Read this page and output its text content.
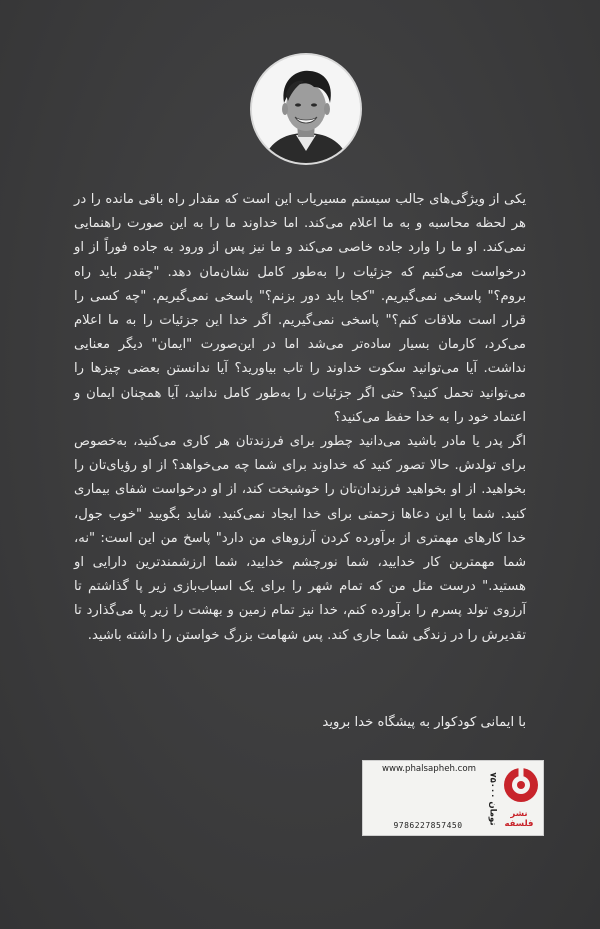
یکی از ویژگی‌های جالب سیستم مسیریاب این است که مقدار راه باقی مانده را در هر لحظه محاسبه و به ما اعلام می‌کند. اما خداوند ما را به این صورت راهنمایی نمی‌کند. او ما را وارد جاده خاصی می‌کند و ما نیز پس از ورود به جاده فوراً از او درخواست می‌کنیم که جزئیات را به‌طور کامل نشان‌مان دهد. "چقدر باید راه بروم؟" پاسخی نمی‌گیریم. "کجا باید دور بزنم؟" پاسخی نمی‌گیریم. "چه کسی را قرار است ملاقات کنم؟" پاسخی نمی‌گیریم. اگر خدا این جزئیات را به ما اعلام می‌کرد، کارمان بسیار ساده‌تر می‌شد اما در این‌صورت "ایمان" دیگر معنایی نداشت. آیا می‌توانید سکوت خداوند را تاب بیاورید؟ آیا ندانستن بعضی چیزها را می‌توانید تحمل کنید؟ حتی اگر جزئیات را به‌طور کامل ندانید، آیا همچنان ایمان و اعتماد خود را به خدا حفظ می‌کنید؟

اگر پدر یا مادر باشید می‌دانید چطور برای فرزندتان هر کاری می‌کنید، به‌خصوص برای تولدش. حالا تصور کنید که خداوند برای شما چه می‌خواهد؟ از او رؤیای‌تان را بخواهید. از او بخواهید فرزندان‌تان را خوشبخت کند، از او درخواست شفای بیماری کنید. شما با این دعاها زحمتی برای خدا ایجاد نمی‌کنید. شاید بگویید "خوب جول، خدا کارهای مهمتری از برآورده کردن آرزوهای من دارد" پاسخ من این است: "نه، شما مهمترین کار خدایید، شما نورچشم خدایید، شما ارزشمندترین دارایی او هستید." درست مثل من که تمام شهر را برای یک اسباب‌بازی زیر پا گذاشتم تا آرزوی تولد پسرم را برآورده کنم، خدا نیز تمام زمین و بهشت را زیر پا می‌گذارد تا تقدیرش را در زندگی شما جاری کند. پس شهامت بزرگ خواستن را داشته باشید.

با ایمانی کودکوار به پیشگاه خدا بروید
www.phalsapheh.com
9786227857450
۷۵۰۰۰ تومان	نشر فلسفه
